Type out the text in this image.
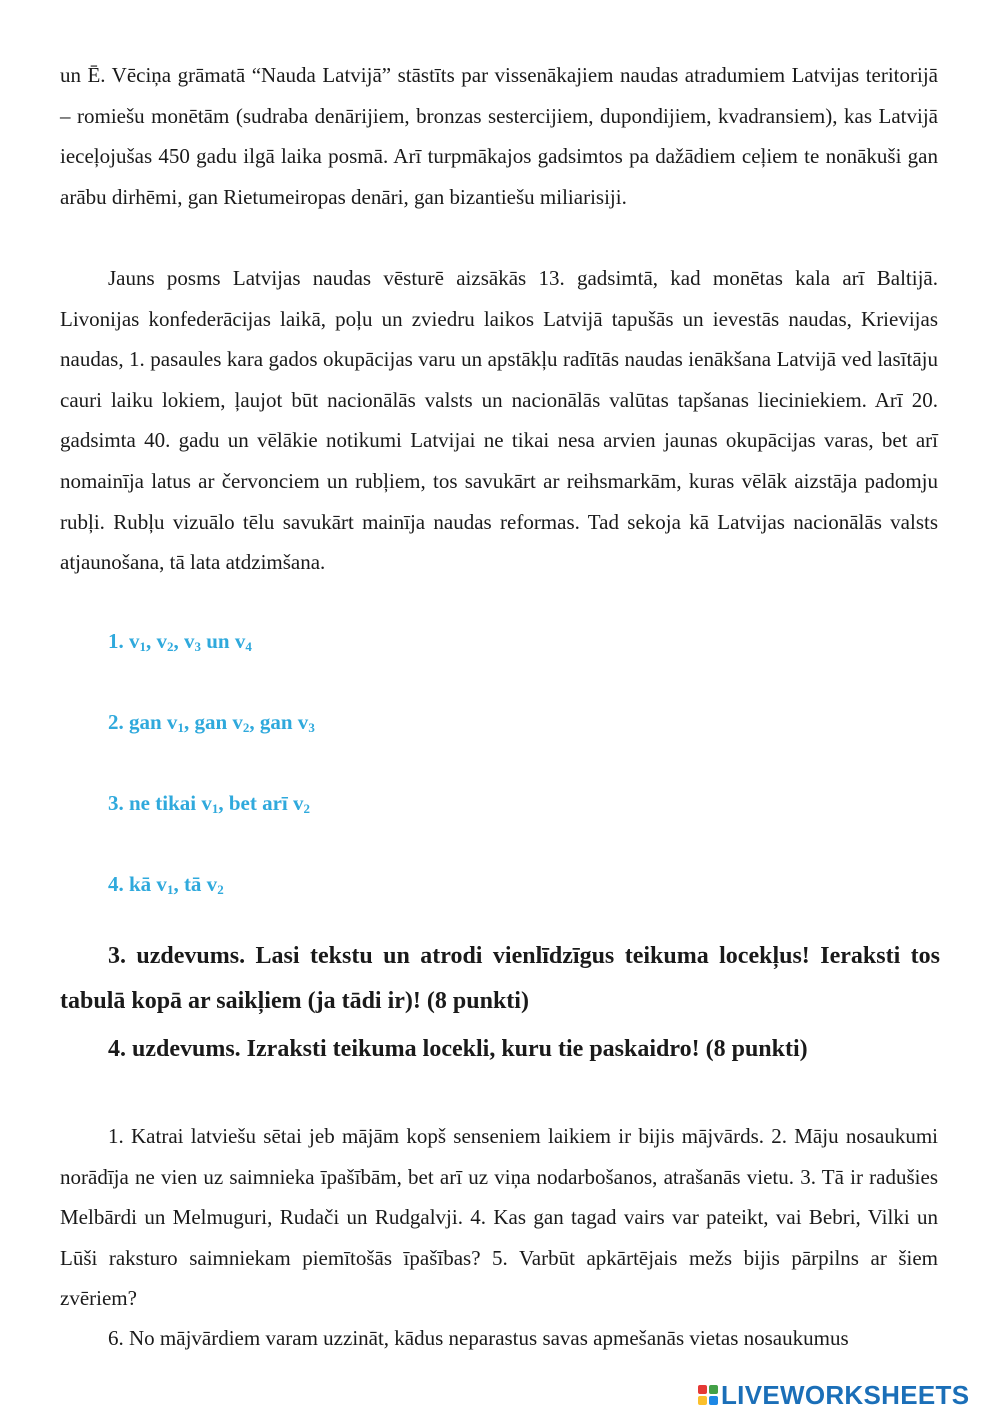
un Ē. Vēciņa grāmatā “Nauda Latvijā” stāstīts par vissenākajiem naudas atradumiem Latvijas teritorijā – romiešu monētām (sudraba denārijiem, bronzas sestercijiem, dupondijiem, kvadransiem), kas Latvijā ieceļojušas 450 gadu ilgā laika posmā. Arī turpmākajos gadsimtos pa dažādiem ceļiem te nonākuši gan arābu dirhēmi, gan Rietumeiropas denāri, gan bizantiešu miliarisiji.

Jauns posms Latvijas naudas vēsturē aizsākās 13. gadsimtā, kad monētas kala arī Baltijā. Livonijas konfederācijas laikā, poļu un zviedru laikos Latvijā tapušās un ievestās naudas, Krievijas naudas, 1. pasaules kara gados okupācijas varu un apstākļu radītās naudas ienākšana Latvijā ved lasītāju cauri laiku lokiem, ļaujot būt nacionālās valsts un nacionālās valūtas tapšanas lieciniekiem. Arī 20. gadsimta 40. gadu un vēlākie notikumi Latvijai ne tikai nesa arvien jaunas okupācijas varas, bet arī nomainīja latus ar červonciem un rubļiem, tos savukārt ar reihsmarkām, kuras vēlāk aizstāja padomju rubļi. Rubļu vizuālo tēlu savukārt mainīja naudas reformas. Tad sekoja kā Latvijas nacionālās valsts atjaunošana, tā lata atdzimšana.

1. $v_1$, $v_2$, $v_3$ un $v_4$

2. gan $v_1$, gan $v_2$, gan $v_3$

3. ne tikai $v_1$, bet arī $v_2$

4. kā $v_1$, tā $v_2$

3. uzdevums. Lasi tekstu un atrodi vienlīdzīgus teikuma locekļus! Ieraksti tos tabulā kopā ar saikļiem (ja tādi ir)! (8 punkti)

4. uzdevums. Izraksti teikuma locekli, kuru tie paskaidro! (8 punkti)

1. Katrai latviešu sētai jeb mājām kopš senseniem laikiem ir bijis mājvārds. 2. Māju nosaukumi norādīja ne vien uz saimnieka īpašībām, bet arī uz viņa nodarbošanos, atrašanās vietu. 3. Tā ir radušies Melbārdi un Melmuguri, Rudači un Rudgalvji. 4. Kas gan tagad vairs var pateikt, vai Bebri, Vilki un Lūši raksturo saimniekam piemītošās īpašības? 5. Varbūt apkārtējais mežs bijis pārpilns ar šiem zvēriem?

6. No mājvārdiem varam uzzināt, kādus neparastus savas apmešanās vietas nosaukumus

LIVEWORKSHEETS
